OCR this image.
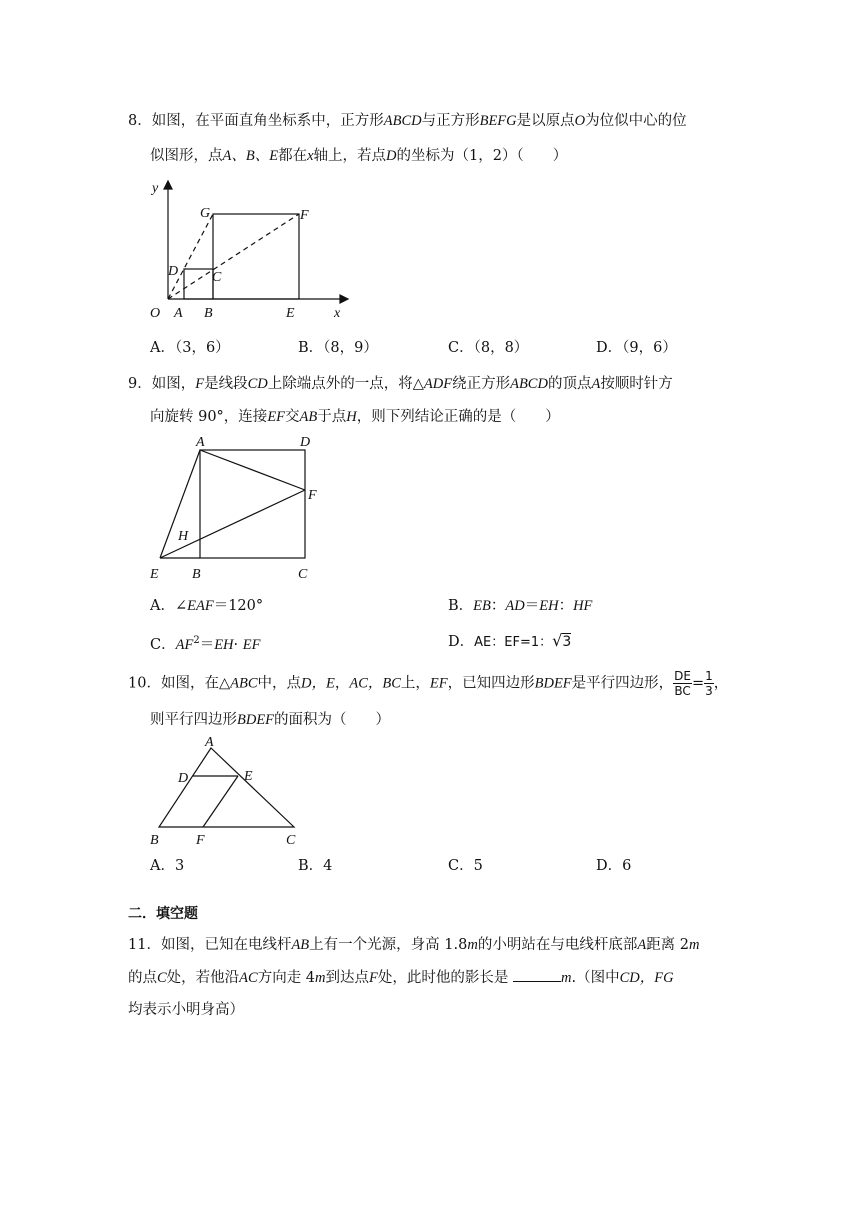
8．如图，在平面直角坐标系中，正方形ABCD与正方形BEFG是以原点O为位似中心的位
似图形，点A、B、E都在x轴上，若点D的坐标为（1，2）（　　）
y
x
O A B	E
D C
G	F
A．（3，6）	B．（8，9）	C．（8，8）	D．（9，6）
9．如图，F是线段CD上除端点外的一点，将△ADF绕正方形ABCD的顶点A按顺时针方
向旋转 90°，连接EF交AB于点H，则下列结论正确的是（　　）
A	D
F
H
E B	C
A．∠EAF＝120°	B．EB：AD＝EH：HF
C．$AF^2=EH\cdot$ EF	D．AE：EF=1：√3
10．如图，在△ABC中，点D，E，AC，BC上，EF，已知四边形BDEF是平行四边形， $\frac{DE}{BC} = \frac{1}{3}$ ，
则平行四边形BDEF的面积为（　　）
A
D	E
B	F	C
A．3	B．4	C．5	D．6
二．填空题
11．如图，已知在电线杆AB上有一个光源，身高 1.8m的小明站在与电线杆底部A距离 2m
的点C处，若他沿AC方向走 4m到达点F处，此时他的影长是	m.（图中CD，FG
均表示小明身高）
